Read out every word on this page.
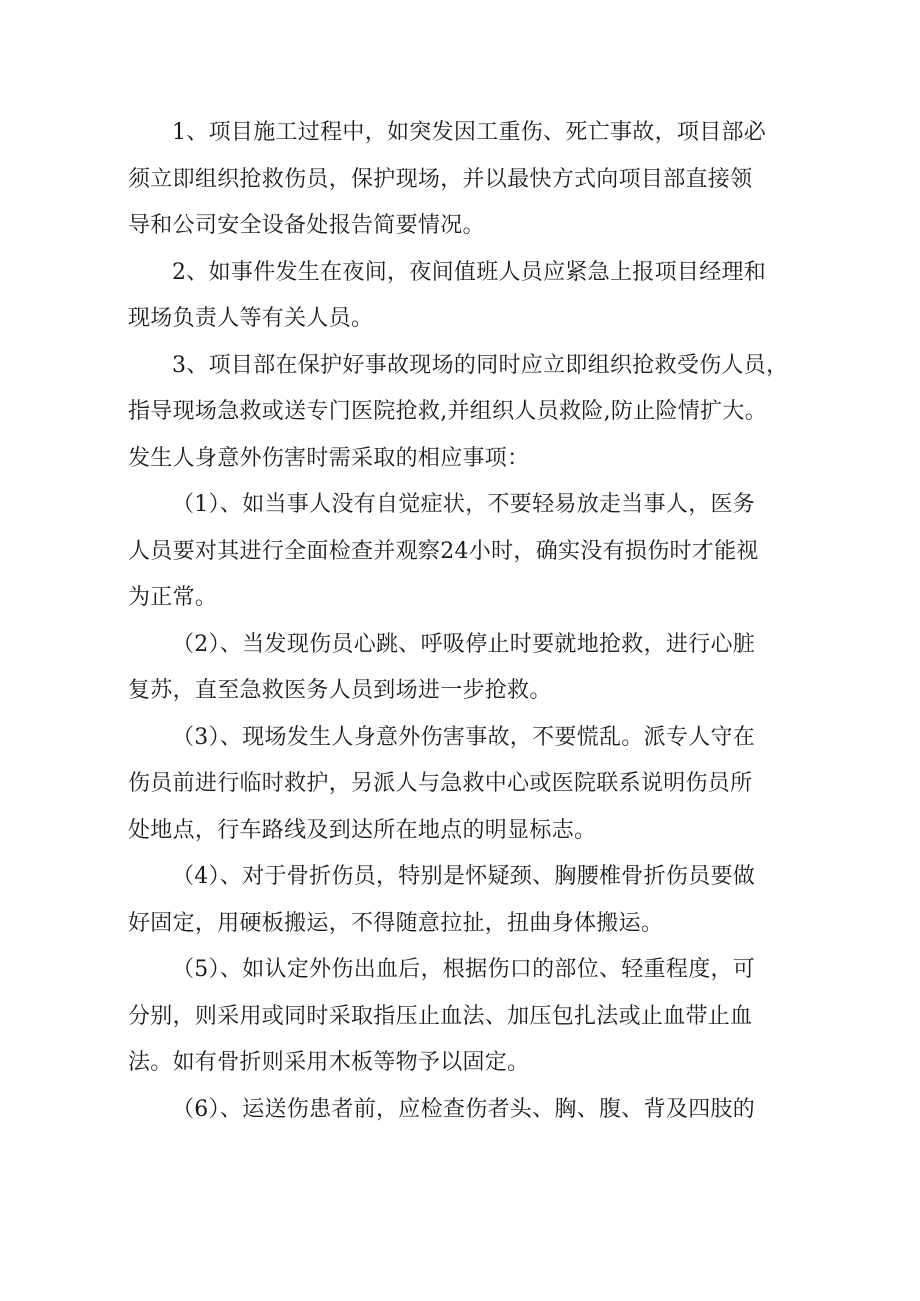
1、项目施工过程中，如突发因工重伤、死亡事故，项目部必
须立即组织抢救伤员，保护现场，并以最快方式向项目部直接领
导和公司安全设备处报告简要情况。

2、如事件发生在夜间，夜间值班人员应紧急上报项目经理和
现场负责人等有关人员。

3、项目部在保护好事故现场的同时应立即组织抢救受伤人员，
指导现场急救或送专门医院抢救,并组织人员救险,防止险情扩大。
发生人身意外伤害时需采取的相应事项：

（1）、如当事人没有自觉症状，不要轻易放走当事人，医务
人员要对其进行全面检查并观察24小时，确实没有损伤时才能视
为正常。

（2）、当发现伤员心跳、呼吸停止时要就地抢救，进行心脏
复苏，直至急救医务人员到场进一步抢救。

（3）、现场发生人身意外伤害事故，不要慌乱。派专人守在
伤员前进行临时救护，另派人与急救中心或医院联系说明伤员所
处地点，行车路线及到达所在地点的明显标志。

（4）、对于骨折伤员，特别是怀疑颈、胸腰椎骨折伤员要做
好固定，用硬板搬运，不得随意拉扯，扭曲身体搬运。

（5）、如认定外伤出血后，根据伤口的部位、轻重程度，可
分别，则采用或同时采取指压止血法、加压包扎法或止血带止血
法。如有骨折则采用木板等物予以固定。

（6）、运送伤患者前，应检查伤者头、胸、腹、背及四肢的
